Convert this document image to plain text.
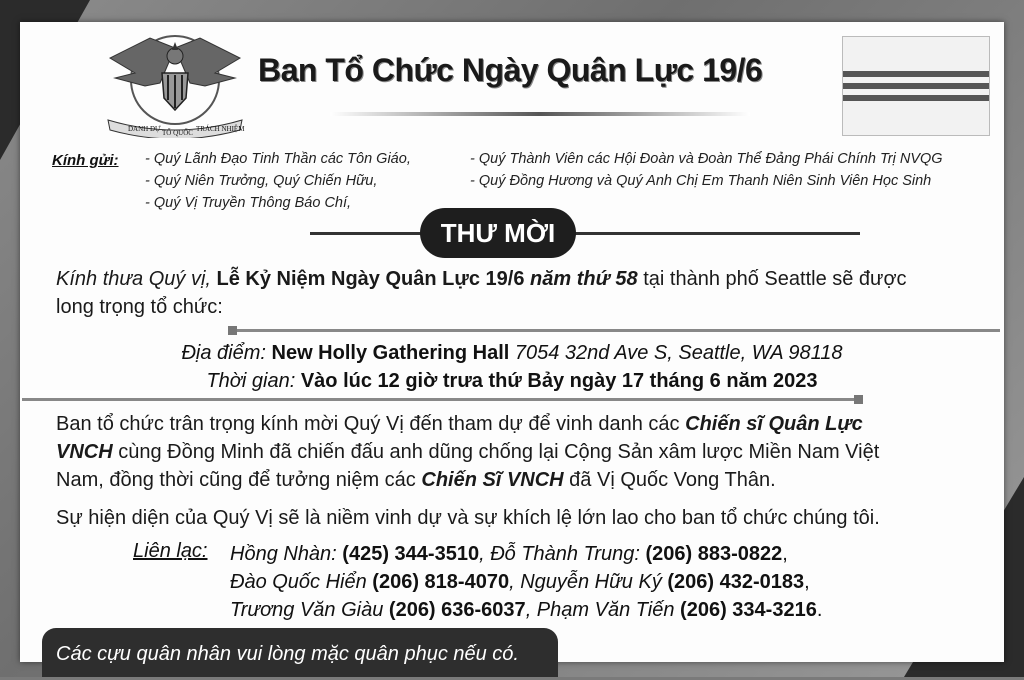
DANH DỰ TỔ QUỐC TRÁCH NHIỆM
Ban Tổ Chức Ngày Quân Lực 19/6
Kính gửi: - Quý Lãnh Đạo Tinh Thần các Tôn Giáo,
- Quý Niên Trưởng, Quý Chiến Hữu,
- Quý Vị Truyền Thông Báo Chí,
- Quý Thành Viên các Hội Đoàn và Đoàn Thể Đảng Phái Chính Trị NVQG
- Quý Đồng Hương và Quý Anh Chị Em Thanh Niên Sinh Viên Học Sinh
THƯ MỜI
Kính thưa Quý vị, Lễ Kỷ Niệm Ngày Quân Lực 19/6 năm thứ 58 tại thành phố Seattle sẽ được
long trọng tổ chức:
Địa điểm: New Holly Gathering Hall 7054 32nd Ave S, Seattle, WA 98118
Thời gian: Vào lúc 12 giờ trưa thứ Bảy ngày 17 tháng 6 năm 2023
Ban tổ chức trân trọng kính mời Quý Vị đến tham dự để vinh danh các Chiến sĩ Quân Lực
VNCH cùng Đồng Minh đã chiến đấu anh dũng chống lại Cộng Sản xâm lược Miền Nam Việt
Nam, đồng thời cũng để tưởng niệm các Chiến Sĩ VNCH đã Vị Quốc Vong Thân.
Sự hiện diện của Quý Vị sẽ là niềm vinh dự và sự khích lệ lớn lao cho ban tổ chức chúng tôi.
Liên lạc: Hồng Nhàn: (425) 344-3510, Đỗ Thành Trung: (206) 883-0822,
Đào Quốc Hiển (206) 818-4070, Nguyễn Hữu Ký (206) 432-0183,
Trương Văn Giàu (206) 636-6037, Phạm Văn Tiến (206) 334-3216.
Các cựu quân nhân vui lòng mặc quân phục nếu có.
